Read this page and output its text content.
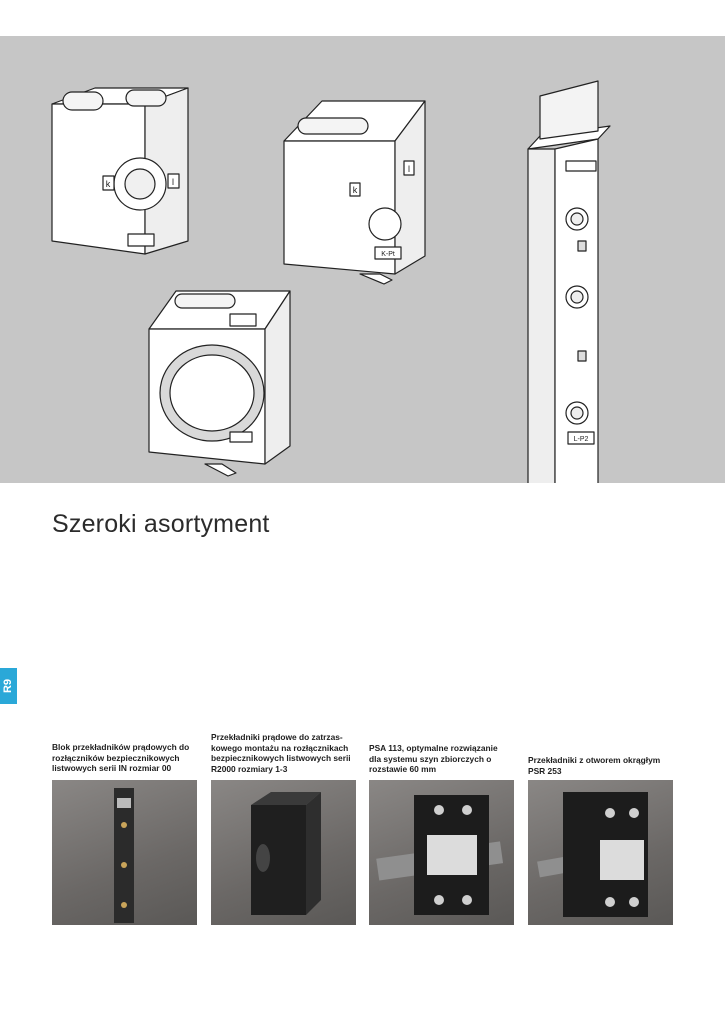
k	l
k
l
K-Pt
L-P2
Szeroki asortyment
R9
Blok przekładników prądowych do
rozłączników bezpiecznikowych
listwowych serii IN rozmiar 00
Przekładniki prądowe do zatrzas-
kowego montażu na rozłącznikach
bezpiecznikowych listwowych serii
R2000 rozmiary 1-3
PSA 113, optymalne rozwiązanie
dla systemu szyn zbiorczych o
rozstawie 60 mm
Przekładniki z otworem okrągłym
PSR 253
